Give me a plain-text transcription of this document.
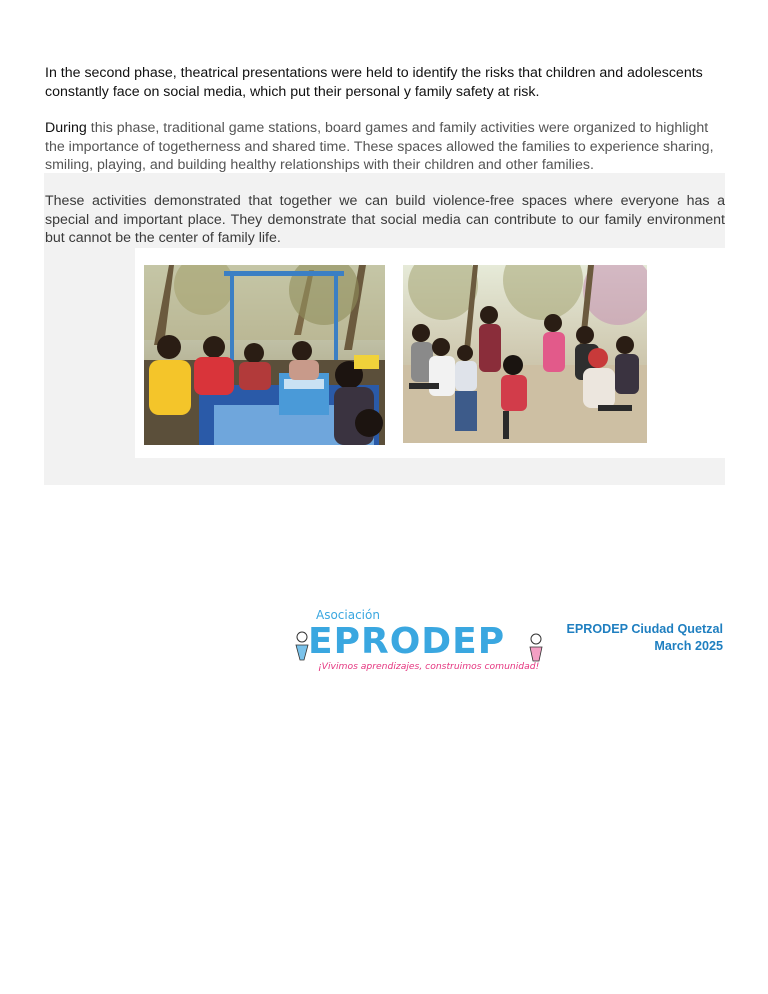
In the second phase, theatrical presentations were held to identify the risks that children and adolescents constantly face on social media, which put their personal y family safety at risk.

During this phase, traditional game stations, board games and family activities were organized to highlight the importance of togetherness and shared time. These spaces allowed the families to experience sharing, smiling, playing, and building healthy relationships with their children and other families.

These activities demonstrated that together we can build violence-free spaces where everyone has a special and important place. They demonstrate that social media can contribute to our family environment but cannot be the center of family life.

Asociación
EPRODEP
¡Vivimos aprendizajes, construimos comunidad!
EPRODEP Ciudad Quetzal
March 2025
